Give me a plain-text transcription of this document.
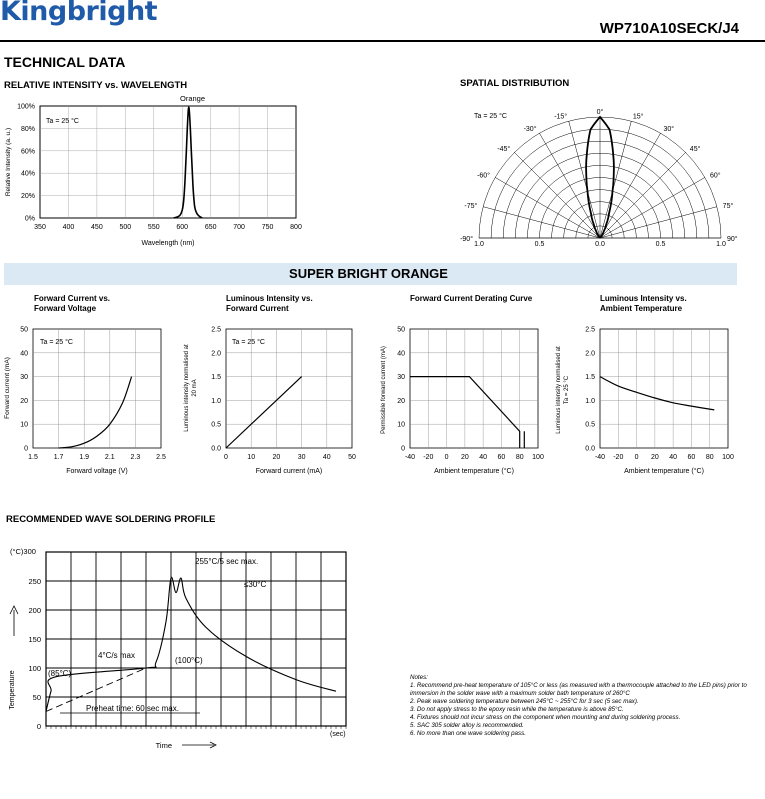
Kingbright
WP710A10SECK/J4
TECHNICAL DATA
RELATIVE INTENSITY vs. WAVELENGTH
Orange
Ta = 25 °C
350 400 450 500 550 600 650 700 750 800
0%
20%
40%
60%
80%
100%
Wavelength (nm)
Relative Intensity (a. u.)
SPATIAL DISTRIBUTION
Ta = 25 °C	-15°
-30°
-45°
-60°
-75°
-90°
0°
15°
30°
45°
60°
75°
90°
1.0	0.5	0.0	0.5	1.0
SUPER BRIGHT ORANGE
Forward Current vs.
Forward Voltage
Luminous Intensity vs.
Forward Current
Forward Current Derating Curve	Luminous Intensity vs.
Ambient Temperature
Ta = 25 °C
1.5 1.7 1.9 2.1 2.3 2.5
0
10
20
30
40
50
Forward voltage (V)
Forward current (mA)
Ta = 25 °C
0	10 20 30 40 50
0.0
0.5
1.0
1.5
2.0
2.5
Forward current (mA)
Luminous intensity normalised at 20 mA
-40 -20 0 20 40 60 80 100
0
10
20
30
40
50
Ambient temperature (°C)
Permissible forward current (mA)
-40 -20 0 20 40 60 80 100
0.0
0.5
1.0
1.5
2.0
2.5
Ambient temperature (°C)
Luminous intensity normalised at Ta = 25 °C
RECOMMENDED WAVE SOLDERING PROFILE
(°C)300
0
50
100
150
200
250
Temperature
Time
(sec)
255°C/5 sec max.
≤30°C
4°C/s max
(100°C)
(85°C)
Preheat time: 60 sec max.
Notes:
1. Recommend pre-heat temperature of 105°C or less (as measured with a thermocouple attached to the LED pins) prior to immersion in the solder wave with a maximum solder bath temperature of 260°C
2. Peak wave soldering temperature between 245°C ~ 255°C for 3 sec (5 sec max).
3. Do not apply stress to the epoxy resin while the temperature is above 85°C.
4. Fixtures should not incur stress on the component when mounting and during soldering process.
5. SAC 305 solder alloy is recommended.
6. No more than one wave soldering pass.
